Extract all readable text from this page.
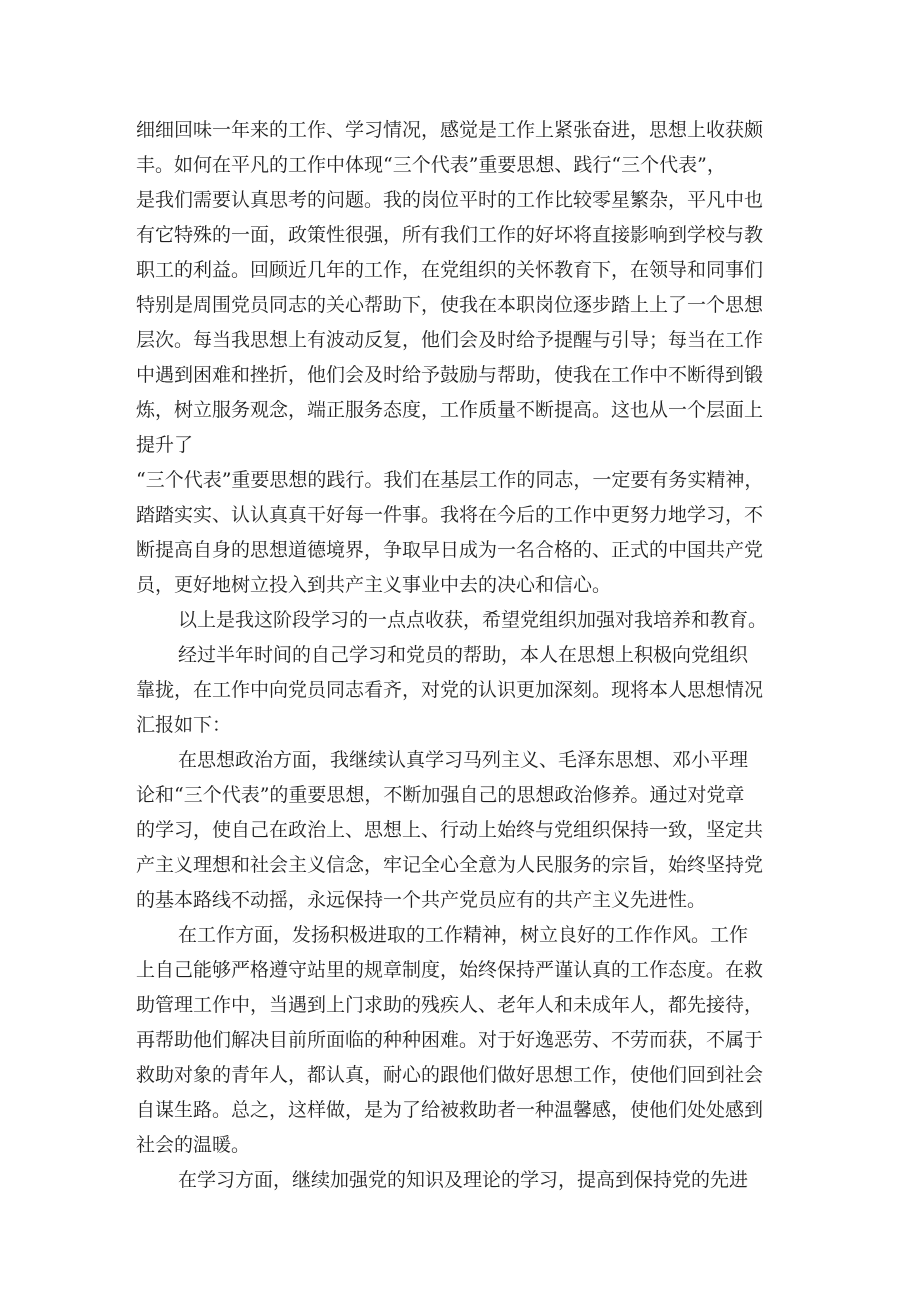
细细回味一年来的工作、学习情况，感觉是工作上紧张奋进，思想上收获颇
丰。如何在平凡的工作中体现“三个代表”重要思想、践行“三个代表”，
是我们需要认真思考的问题。我的岗位平时的工作比较零星繁杂，平凡中也
有它特殊的一面，政策性很强，所有我们工作的好坏将直接影响到学校与教
职工的利益。回顾近几年的工作，在党组织的关怀教育下，在领导和同事们
特别是周围党员同志的关心帮助下，使我在本职岗位逐步踏上上了一个思想
层次。每当我思想上有波动反复，他们会及时给予提醒与引导；每当在工作
中遇到困难和挫折，他们会及时给予鼓励与帮助，使我在工作中不断得到锻
炼，树立服务观念，端正服务态度，工作质量不断提高。这也从一个层面上
提升了
“三个代表”重要思想的践行。我们在基层工作的同志，一定要有务实精神，
踏踏实实、认认真真干好每一件事。我将在今后的工作中更努力地学习，不
断提高自身的思想道德境界，争取早日成为一名合格的、正式的中国共产党
员，更好地树立投入到共产主义事业中去的决心和信心。
以上是我这阶段学习的一点点收获，希望党组织加强对我培养和教育。
经过半年时间的自己学习和党员的帮助，本人在思想上积极向党组织
靠拢，在工作中向党员同志看齐，对党的认识更加深刻。现将本人思想情况
汇报如下：
在思想政治方面，我继续认真学习马列主义、毛泽东思想、邓小平理
论和“三个代表”的重要思想，不断加强自己的思想政治修养。通过对党章
的学习，使自己在政治上、思想上、行动上始终与党组织保持一致，坚定共
产主义理想和社会主义信念，牢记全心全意为人民服务的宗旨，始终坚持党
的基本路线不动摇，永远保持一个共产党员应有的共产主义先进性。
在工作方面，发扬积极进取的工作精神，树立良好的工作作风。工作
上自己能够严格遵守站里的规章制度，始终保持严谨认真的工作态度。在救
助管理工作中，当遇到上门求助的残疾人、老年人和未成年人，都先接待，
再帮助他们解决目前所面临的种种困难。对于好逸恶劳、不劳而获，不属于
救助对象的青年人，都认真，耐心的跟他们做好思想工作，使他们回到社会
自谋生路。总之，这样做，是为了给被救助者一种温馨感，使他们处处感到
社会的温暖。
在学习方面，继续加强党的知识及理论的学习，提高到保持党的先进
